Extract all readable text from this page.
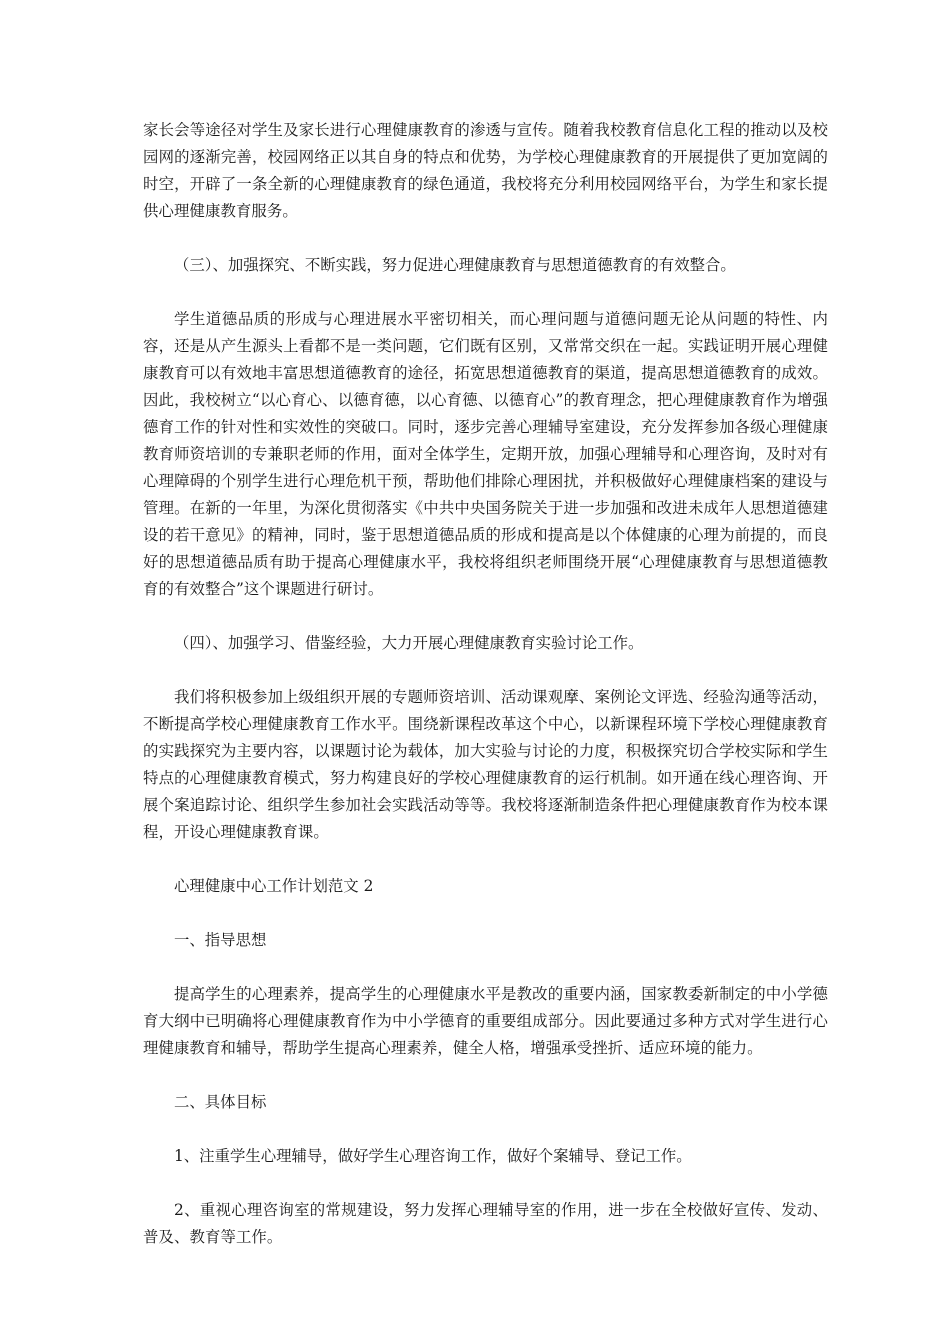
家长会等途径对学生及家长进行心理健康教育的渗透与宣传。随着我校教育信息化工程的推动以及校园网的逐渐完善，校园网络正以其自身的特点和优势，为学校心理健康教育的开展提供了更加宽阔的时空，开辟了一条全新的心理健康教育的绿色通道，我校将充分利用校园网络平台，为学生和家长提供心理健康教育服务。

（三）、加强探究、不断实践，努力促进心理健康教育与思想道德教育的有效整合。

学生道德品质的形成与心理进展水平密切相关，而心理问题与道德问题无论从问题的特性、内容，还是从产生源头上看都不是一类问题，它们既有区别，又常常交织在一起。实践证明开展心理健康教育可以有效地丰富思想道德教育的途径，拓宽思想道德教育的渠道，提高思想道德教育的成效。因此，我校树立“以心育心、以德育德，以心育德、以德育心”的教育理念，把心理健康教育作为增强德育工作的针对性和实效性的突破口。同时，逐步完善心理辅导室建设，充分发挥参加各级心理健康教育师资培训的专兼职老师的作用，面对全体学生，定期开放，加强心理辅导和心理咨询，及时对有心理障碍的个别学生进行心理危机干预，帮助他们排除心理困扰，并积极做好心理健康档案的建设与管理。在新的一年里，为深化贯彻落实《中共中央国务院关于进一步加强和改进未成年人思想道德建设的若干意见》的精神，同时，鉴于思想道德品质的形成和提高是以个体健康的心理为前提的，而良好的思想道德品质有助于提高心理健康水平，我校将组织老师围绕开展“心理健康教育与思想道德教育的有效整合”这个课题进行研讨。

（四）、加强学习、借鉴经验，大力开展心理健康教育实验讨论工作。

我们将积极参加上级组织开展的专题师资培训、活动课观摩、案例论文评选、经验沟通等活动，不断提高学校心理健康教育工作水平。围绕新课程改革这个中心，以新课程环境下学校心理健康教育的实践探究为主要内容，以课题讨论为载体，加大实验与讨论的力度，积极探究切合学校实际和学生特点的心理健康教育模式，努力构建良好的学校心理健康教育的运行机制。如开通在线心理咨询、开展个案追踪讨论、组织学生参加社会实践活动等等。我校将逐渐制造条件把心理健康教育作为校本课程，开设心理健康教育课。

心理健康中心工作计划范文 2

一、指导思想

提高学生的心理素养，提高学生的心理健康水平是教改的重要内涵，国家教委新制定的中小学德育大纲中已明确将心理健康教育作为中小学德育的重要组成部分。因此要通过多种方式对学生进行心理健康教育和辅导，帮助学生提高心理素养，健全人格，增强承受挫折、适应环境的能力。

二、具体目标

1、注重学生心理辅导，做好学生心理咨询工作，做好个案辅导、登记工作。

2、重视心理咨询室的常规建设，努力发挥心理辅导室的作用，进一步在全校做好宣传、发动、普及、教育等工作。
